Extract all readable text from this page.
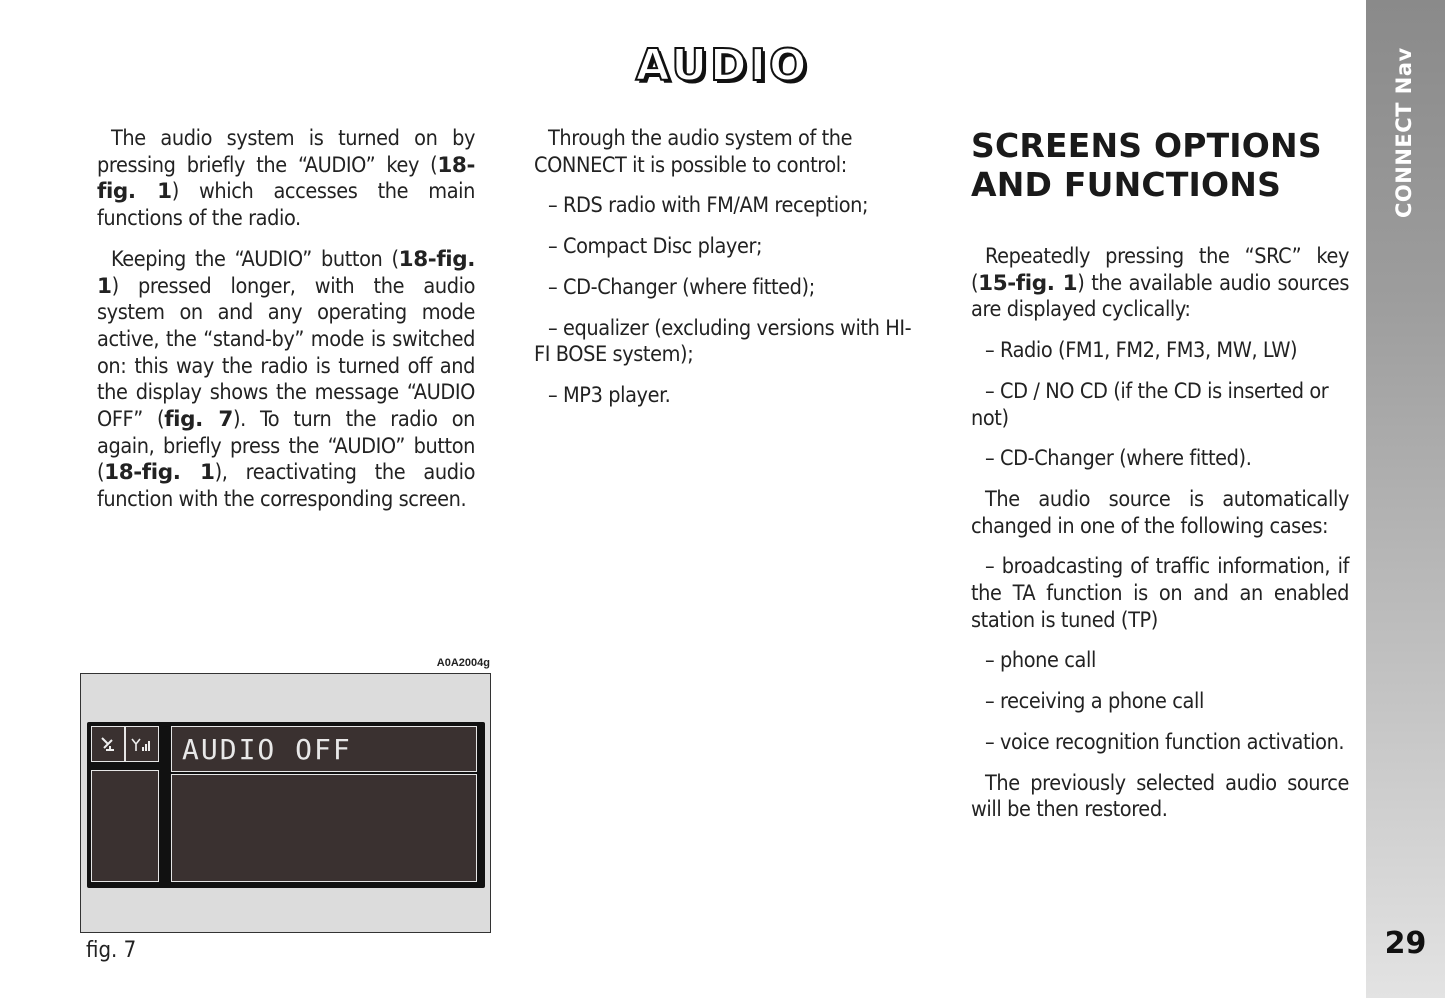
AUDIO

The audio system is turned on by pressing briefly the “AUDIO” key (18-fig. 1) which accesses the main functions of the radio.

Keeping the “AUDIO” button (18-fig. 1) pressed longer, with the audio system on and any operating mode active, the “stand-by” mode is switched on: this way the radio is turned off and the display shows the message “AUDIO OFF” (fig. 7). To turn the radio on again, briefly press the “AUDIO” button (18-fig. 1), reactivating the audio function with the corresponding screen.

Through the audio system of the CONNECT it is possible to control:

– RDS radio with FM/AM reception;

– Compact Disc player;

– CD-Changer (where fitted);

– equalizer (excluding versions with HI-FI BOSE system);

– MP3 player.

SCREENS OPTIONS
AND FUNCTIONS

Repeatedly pressing the “SRC” key (15-fig. 1) the available audio sources are displayed cyclically:

– Radio (FM1, FM2, FM3, MW, LW)

– CD / NO CD (if the CD is inserted or not)

– CD-Changer (where fitted).

The audio source is automatically changed in one of the following cases:

– broadcasting of traffic information, if the TA function is on and an enabled station is tuned (TP)

– phone call

– receiving a phone call

– voice recognition function activation.

The previously selected audio source will be then restored.

A0A2004g
AUDIO OFF
fig. 7
CONNECT Nav
29
